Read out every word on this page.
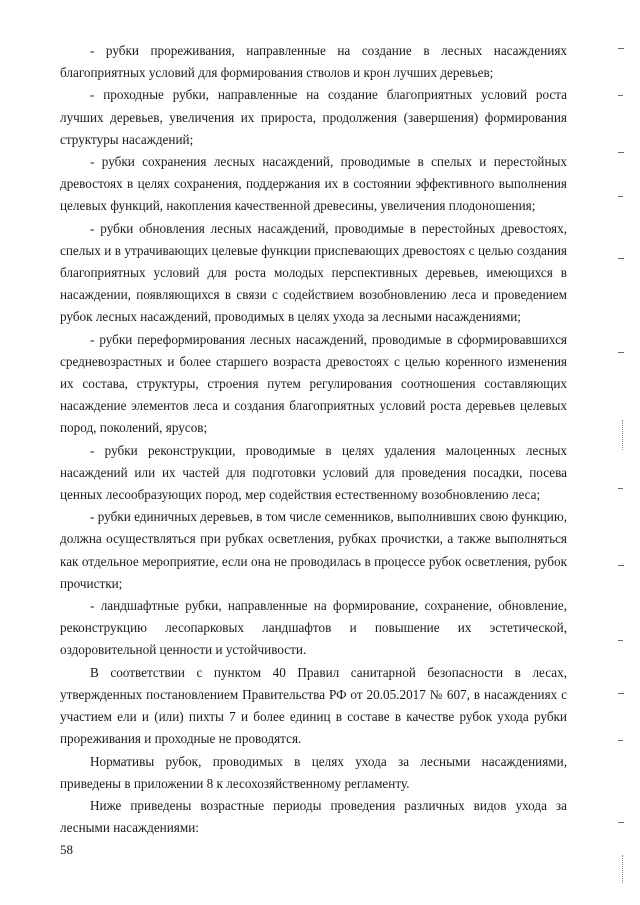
- рубки прореживания, направленные на создание в лесных насаждениях благоприятных условий для формирования стволов и крон лучших деревьев;

- проходные рубки, направленные на создание благоприятных условий роста лучших деревьев, увеличения их прироста, продолжения (завершения) формирования структуры насаждений;

- рубки сохранения лесных насаждений, проводимые в спелых и перестойных древостоях в целях сохранения, поддержания их в состоянии эффективного выполнения целевых функций, накопления качественной древесины, увеличения плодоношения;

- рубки обновления лесных насаждений, проводимые в перестойных древостоях, спелых и в утрачивающих целевые функции приспевающих древостоях с целью создания благоприятных условий для роста молодых перспективных деревьев, имеющихся в насаждении, появляющихся в связи с содействием возобновлению леса и проведением рубок лесных насаждений, проводимых в целях ухода за лесными насаждениями;

- рубки переформирования лесных насаждений, проводимые в сформировавшихся средневозрастных и более старшего возраста древостоях с целью коренного изменения их состава, структуры, строения путем регулирования соотношения составляющих насаждение элементов леса и создания благоприятных условий роста деревьев целевых пород, поколений, ярусов;

- рубки реконструкции, проводимые в целях удаления малоценных лесных насаждений или их частей для подготовки условий для проведения посадки, посева ценных лесообразующих пород, мер содействия естественному возобновлению леса;

- рубки единичных деревьев, в том числе семенников, выполнивших свою функцию, должна осуществляться при рубках осветления, рубках прочистки, а также выполняться как отдельное мероприятие, если она не проводилась в процессе рубок осветления, рубок прочистки;

- ландшафтные рубки, направленные на формирование, сохранение, обновление, реконструкцию лесопарковых ландшафтов и повышение их эстетической, оздоровительной ценности и устойчивости.

В соответствии с пунктом 40 Правил санитарной безопасности в лесах, утвержденных постановлением Правительства РФ от 20.05.2017 № 607, в насаждениях с участием ели и (или) пихты 7 и более единиц в составе в качестве рубок ухода рубки прореживания и проходные не проводятся.

Нормативы рубок, проводимых в целях ухода за лесными насаждениями, приведены в приложении 8 к лесохозяйственному регламенту.

Ниже приведены возрастные периоды проведения различных видов ухода за лесными насаждениями:

58
